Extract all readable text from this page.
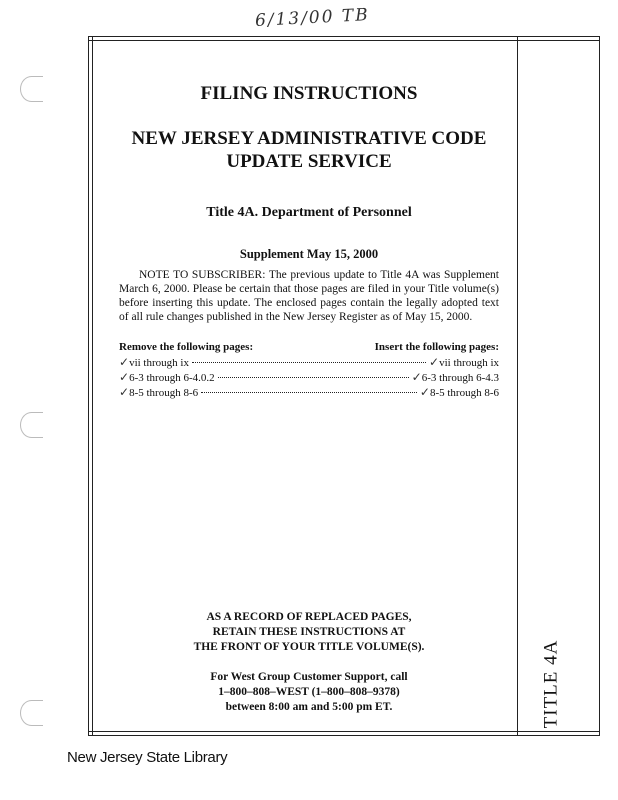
6/13/00 TB
TITLE 4A
FILING INSTRUCTIONS
NEW JERSEY ADMINISTRATIVE CODE
UPDATE SERVICE
Title 4A. Department of Personnel
Supplement May 15, 2000
NOTE TO SUBSCRIBER: The previous update to Title 4A was Supplement March 6, 2000. Please be certain that those pages are filed in your Title volume(s) before inserting this update. The enclosed pages contain the legally adopted text of all rule changes published in the New Jersey Register as of May 15, 2000.
Remove the following pages:	Insert the following pages:
✓vii through ix	✓vii through ix
✓6-3 through 6-4.0.2	✓6-3 through 6-4.3
✓8-5 through 8-6	✓8-5 through 8-6
AS A RECORD OF REPLACED PAGES,
RETAIN THESE INSTRUCTIONS AT
THE FRONT OF YOUR TITLE VOLUME(S).
For West Group Customer Support, call
1–800–808–WEST (1–800–808–9378)
between 8:00 am and 5:00 pm ET.
New Jersey State Library
